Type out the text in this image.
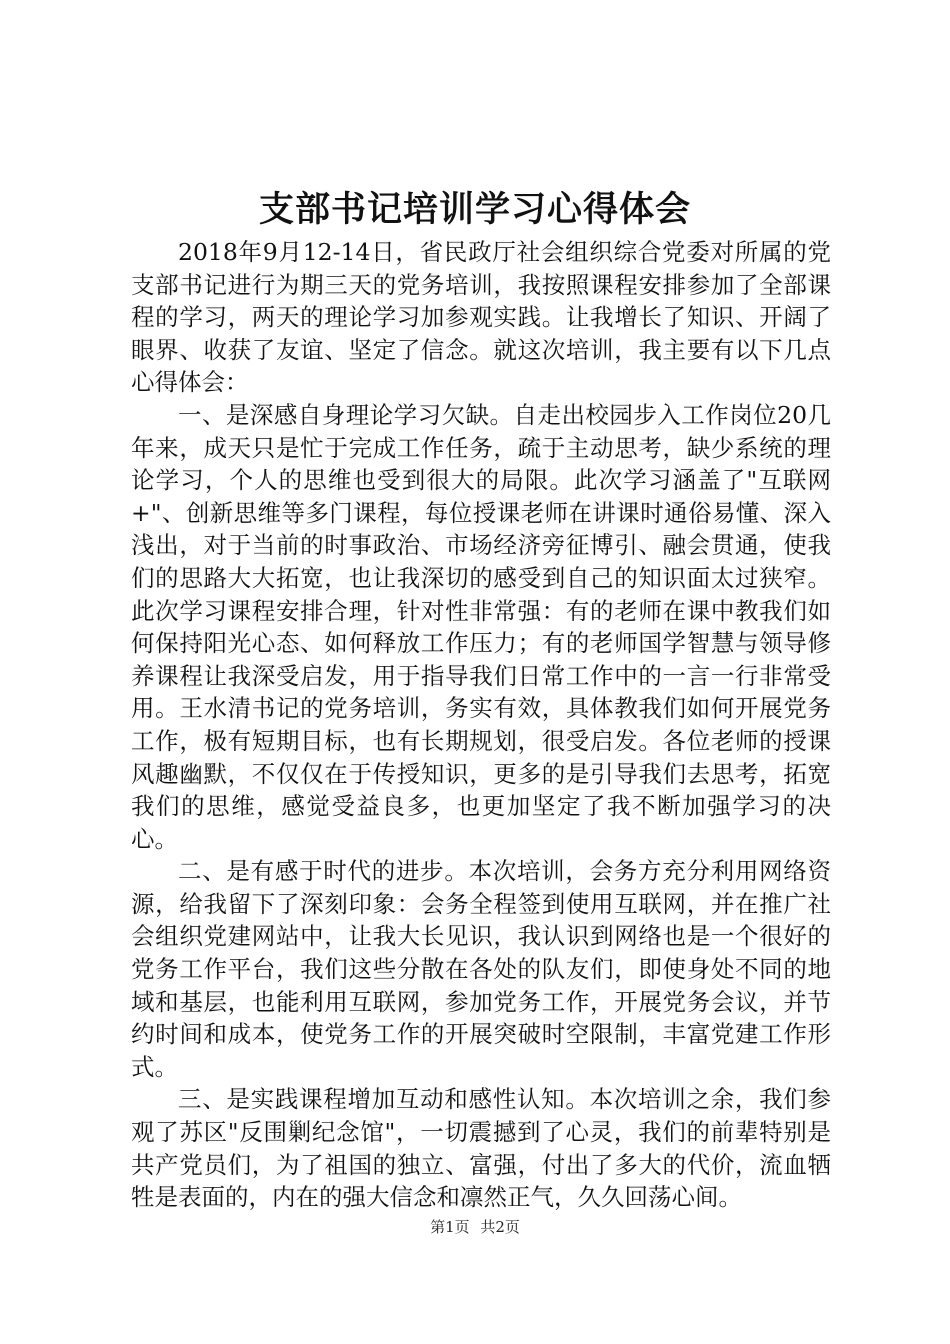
支部书记培训学习心得体会

2018年9月12-14日，省民政厅社会组织综合党委对所属的党支部书记进行为期三天的党务培训，我按照课程安排参加了全部课程的学习，两天的理论学习加参观实践。让我增长了知识、开阔了眼界、收获了友谊、坚定了信念。就这次培训，我主要有以下几点心得体会：

一、是深感自身理论学习欠缺。自走出校园步入工作岗位20几年来，成天只是忙于完成工作任务，疏于主动思考，缺少系统的理论学习，个人的思维也受到很大的局限。此次学习涵盖了"互联网+"、创新思维等多门课程，每位授课老师在讲课时通俗易懂、深入浅出，对于当前的时事政治、市场经济旁征博引、融会贯通，使我们的思路大大拓宽，也让我深切的感受到自己的知识面太过狭窄。此次学习课程安排合理，针对性非常强：有的老师在课中教我们如何保持阳光心态、如何释放工作压力；有的老师国学智慧与领导修养课程让我深受启发，用于指导我们日常工作中的一言一行非常受用。王水清书记的党务培训，务实有效，具体教我们如何开展党务工作，极有短期目标，也有长期规划，很受启发。各位老师的授课风趣幽默，不仅仅在于传授知识，更多的是引导我们去思考，拓宽我们的思维，感觉受益良多，也更加坚定了我不断加强学习的决心。

二、是有感于时代的进步。本次培训，会务方充分利用网络资源，给我留下了深刻印象：会务全程签到使用互联网，并在推广社会组织党建网站中，让我大长见识，我认识到网络也是一个很好的党务工作平台，我们这些分散在各处的队友们，即使身处不同的地域和基层，也能利用互联网，参加党务工作，开展党务会议，并节约时间和成本，使党务工作的开展突破时空限制，丰富党建工作形式。

三、是实践课程增加互动和感性认知。本次培训之余，我们参观了苏区"反围剿纪念馆"，一切震撼到了心灵，我们的前辈特别是共产党员们，为了祖国的独立、富强，付出了多大的代价，流血牺牲是表面的，内在的强大信念和凛然正气，久久回荡心间。

第1页 共2页
